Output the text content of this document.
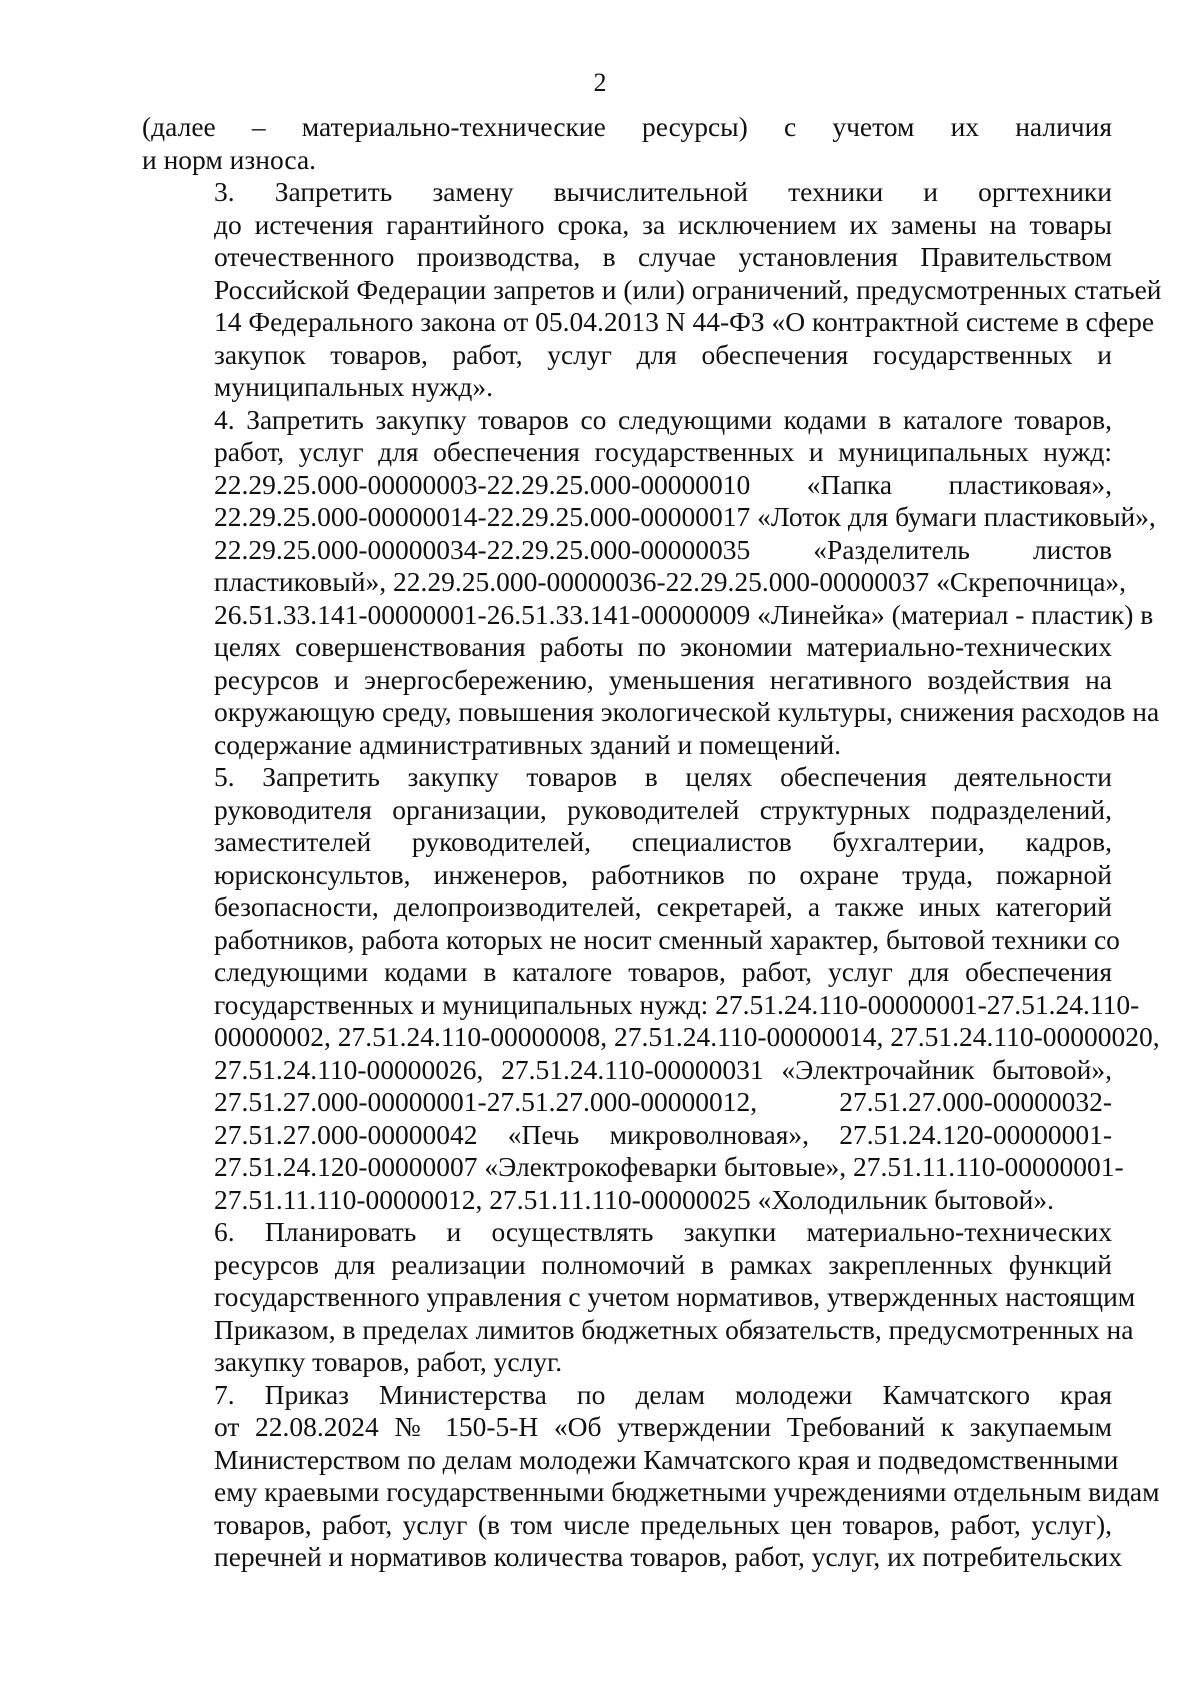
2
(далее – материально-технические ресурсы) с учетом их наличия
и норм износа.
3. Запретить замену вычислительной техники и оргтехники
до истечения гарантийного срока, за исключением их замены на товары
отечественного производства, в случае установления Правительством
Российской Федерации запретов и (или) ограничений, предусмотренных статьей
14 Федерального закона от 05.04.2013 N 44-ФЗ «О контрактной системе в сфере
закупок товаров, работ, услуг для обеспечения государственных и
муниципальных нужд».
4. Запретить закупку товаров со следующими кодами в каталоге товаров,
работ, услуг для обеспечения государственных и муниципальных нужд:
22.29.25.000-00000003-22.29.25.000-00000010 «Папка пластиковая»,
22.29.25.000-00000014-22.29.25.000-00000017 «Лоток для бумаги пластиковый»,
22.29.25.000-00000034-22.29.25.000-00000035 «Разделитель листов
пластиковый», 22.29.25.000-00000036-22.29.25.000-00000037 «Скрепочница»,
26.51.33.141-00000001-26.51.33.141-00000009 «Линейка» (материал - пластик) в
целях совершенствования работы по экономии материально-технических
ресурсов и энергосбережению, уменьшения негативного воздействия на
окружающую среду, повышения экологической культуры, снижения расходов на
содержание административных зданий и помещений.
5. Запретить закупку товаров в целях обеспечения деятельности
руководителя организации, руководителей структурных подразделений,
заместителей руководителей, специалистов бухгалтерии, кадров,
юрисконсультов, инженеров, работников по охране труда, пожарной
безопасности, делопроизводителей, секретарей, а также иных категорий
работников, работа которых не носит сменный характер, бытовой техники со
следующими кодами в каталоге товаров, работ, услуг для обеспечения
государственных и муниципальных нужд: 27.51.24.110-00000001-27.51.24.110-
00000002, 27.51.24.110-00000008, 27.51.24.110-00000014, 27.51.24.110-00000020,
27.51.24.110-00000026, 27.51.24.110-00000031 «Электрочайник бытовой»,
27.51.27.000-00000001-27.51.27.000-00000012, 27.51.27.000-00000032-
27.51.27.000-00000042 «Печь микроволновая», 27.51.24.120-00000001-
27.51.24.120-00000007 «Электрокофеварки бытовые», 27.51.11.110-00000001-
27.51.11.110-00000012, 27.51.11.110-00000025 «Холодильник бытовой».
6. Планировать и осуществлять закупки материально-технических
ресурсов для реализации полномочий в рамках закрепленных функций
государственного управления с учетом нормативов, утвержденных настоящим
Приказом, в пределах лимитов бюджетных обязательств, предусмотренных на
закупку товаров, работ, услуг.
7. Приказ Министерства по делам молодежи Камчатского края
от 22.08.2024 № 150-5-Н «Об утверждении Требований к закупаемым
Министерством по делам молодежи Камчатского края и подведомственными
ему краевыми государственными бюджетными учреждениями отдельным видам
товаров, работ, услуг (в том числе предельных цен товаров, работ, услуг),
перечней и нормативов количества товаров, работ, услуг, их потребительских
